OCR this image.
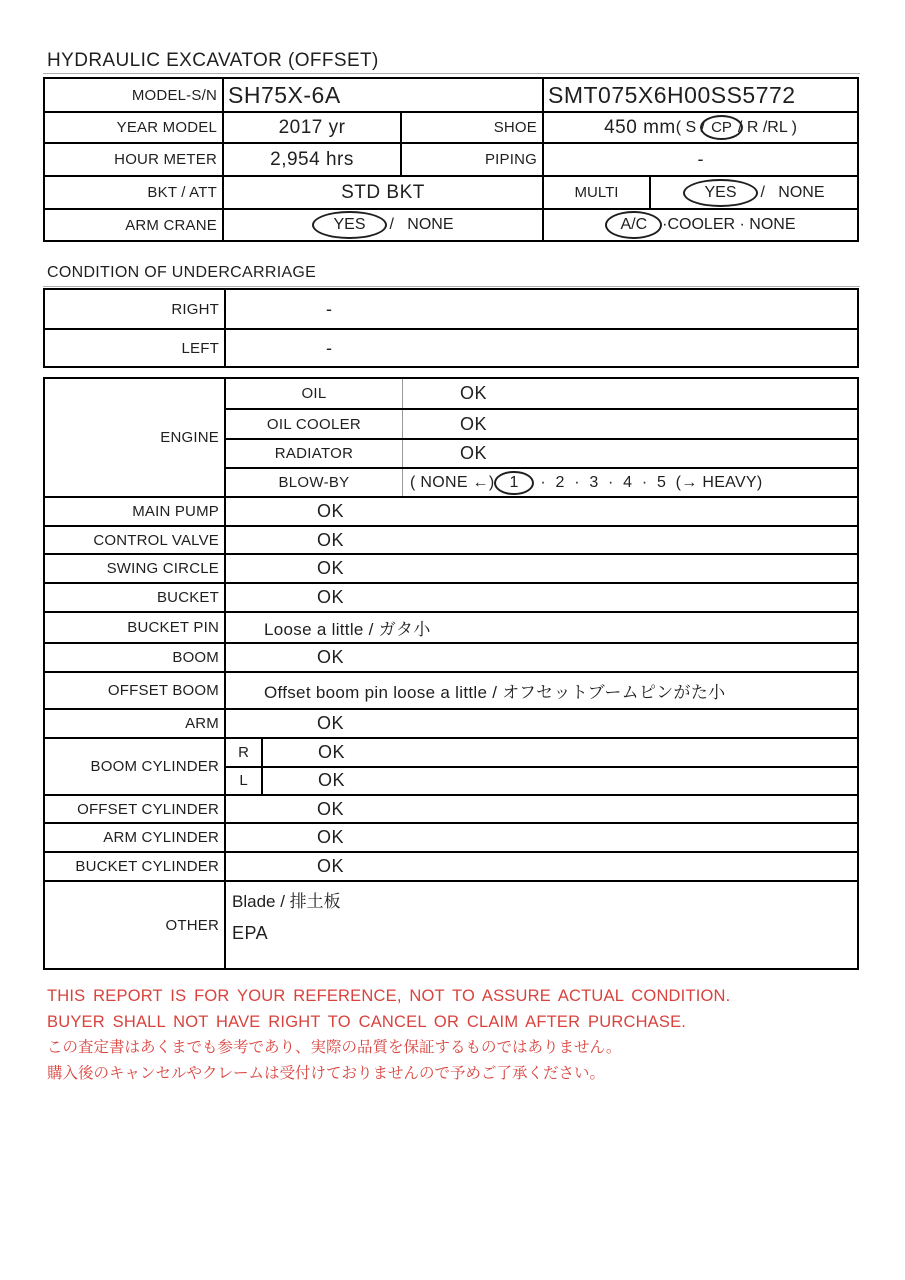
HYDRAULIC EXCAVATOR (OFFSET)
MODEL-S/N SH75X-6A	SMT075X6H00SS5772
YEAR MODEL	2017 yr	SHOE	450 mm ( S / CP / R /RL )
HOUR METER	2,954 hrs	PIPING	-
BKT / ATT	STD BKT	MULTI	YES	/   NONE
ARM CRANE	YES	/   NONE	A/C ·COOLER · NONE
CONDITION OF UNDERCARRIAGE
RIGHT	-
LEFT	-
ENGINE
OIL	OK
OIL COOLER	OK
RADIATOR	OK
BLOW-BY	( NONE ←) 1	·  2  ·  3  ·  4  ·  5  (→ HEAVY)
MAIN PUMP	OK
CONTROL VALVE	OK
SWING CIRCLE	OK
BUCKET	OK
BUCKET PIN	Loose a little / ガタ小
BOOM	OK
OFFSET BOOM	Offset boom pin loose a little / オフセットブームピンがた小
ARM	OK
BOOM CYLINDER
R	OK
L	OK
OFFSET CYLINDER	OK
ARM CYLINDER	OK
BUCKET CYLINDER	OK
OTHER
Blade / 排土板
EPA
THIS REPORT IS FOR YOUR REFERENCE, NOT TO ASSURE ACTUAL CONDITION.
BUYER SHALL NOT HAVE RIGHT TO CANCEL OR CLAIM AFTER PURCHASE.
この査定書はあくまでも参考であり、実際の品質を保証するものではありません。
購入後のキャンセルやクレームは受付けておりませんので予めご了承ください。
